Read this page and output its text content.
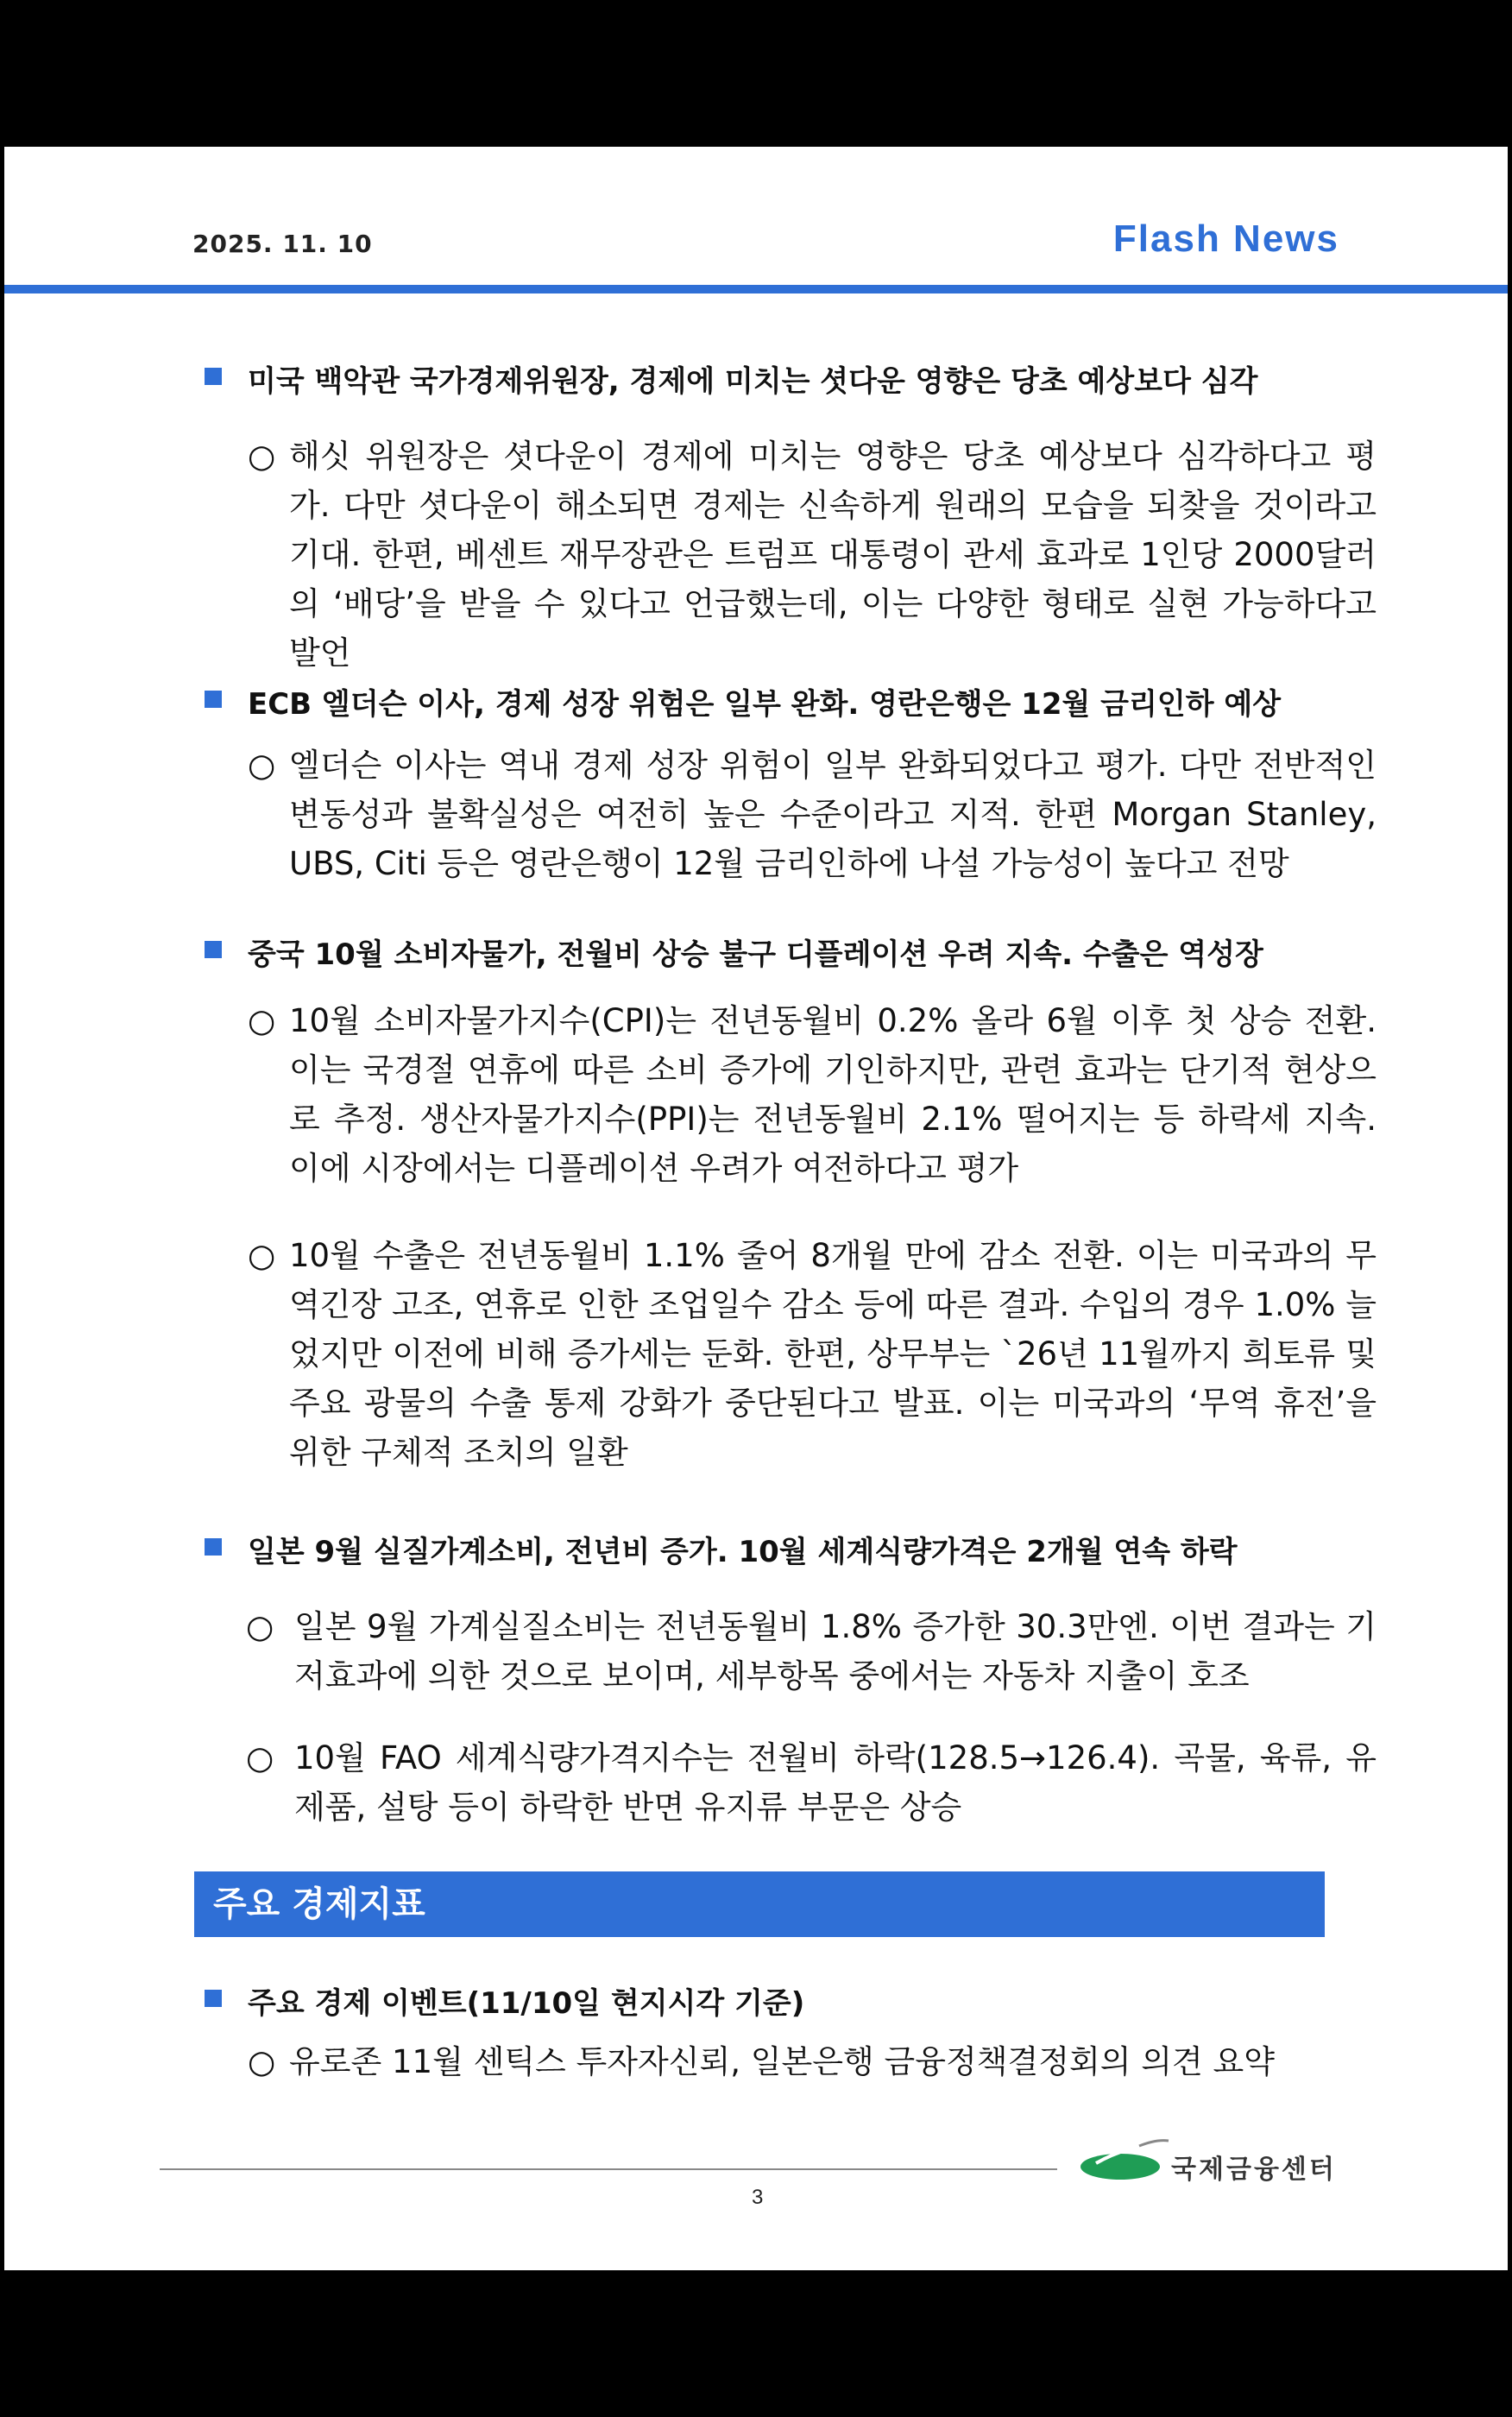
2025. 11. 10	Flash News
미국 백악관 국가경제위원장, 경제에 미치는 셧다운 영향은 당초 예상보다 심각
○ 해싯 위원장은 셧다운이 경제에 미치는 영향은 당초 예상보다 심각하다고 평가. 다만 셧다운이 해소되면 경제는 신속하게 원래의 모습을 되찾을 것이라고 기대. 한편, 베센트 재무장관은 트럼프 대통령이 관세 효과로 1인당 2000달러의 ‘배당’을 받을 수 있다고 언급했는데, 이는 다양한 형태로 실현 가능하다고 발언
ECB 엘더슨 이사, 경제 성장 위험은 일부 완화. 영란은행은 12월 금리인하 예상
○ 엘더슨 이사는 역내 경제 성장 위험이 일부 완화되었다고 평가. 다만 전반적인 변동성과 불확실성은 여전히 높은 수준이라고 지적. 한편 Morgan Stanley, UBS, Citi 등은 영란은행이 12월 금리인하에 나설 가능성이 높다고 전망
중국 10월 소비자물가, 전월비 상승 불구 디플레이션 우려 지속. 수출은 역성장
○ 10월 소비자물가지수(CPI)는 전년동월비 0.2% 올라 6월 이후 첫 상승 전환. 이는 국경절 연휴에 따른 소비 증가에 기인하지만, 관련 효과는 단기적 현상으로 추정. 생산자물가지수(PPI)는 전년동월비 2.1% 떨어지는 등 하락세 지속. 이에 시장에서는 디플레이션 우려가 여전하다고 평가
○ 10월 수출은 전년동월비 1.1% 줄어 8개월 만에 감소 전환. 이는 미국과의 무역긴장 고조, 연휴로 인한 조업일수 감소 등에 따른 결과. 수입의 경우 1.0% 늘었지만 이전에 비해 증가세는 둔화. 한편, 상무부는 `26년 11월까지 희토류 및 주요 광물의 수출 통제 강화가 중단된다고 발표. 이는 미국과의 ‘무역 휴전’을 위한 구체적 조치의 일환
일본 9월 실질가계소비, 전년비 증가. 10월 세계식량가격은 2개월 연속 하락
○ 일본 9월 가계실질소비는 전년동월비 1.8% 증가한 30.3만엔. 이번 결과는 기저효과에 의한 것으로 보이며, 세부항목 중에서는 자동차 지출이 호조
○ 10월 FAO 세계식량가격지수는 전월비 하락(128.5→126.4). 곡물, 육류, 유제품, 설탕 등이 하락한 반면 유지류 부문은 상승
주요 경제지표
주요 경제 이벤트(11/10일 현지시각 기준)
○ 유로존 11월 센틱스 투자자신뢰, 일본은행 금융정책결정회의 의견 요약
국제금융센터
3
